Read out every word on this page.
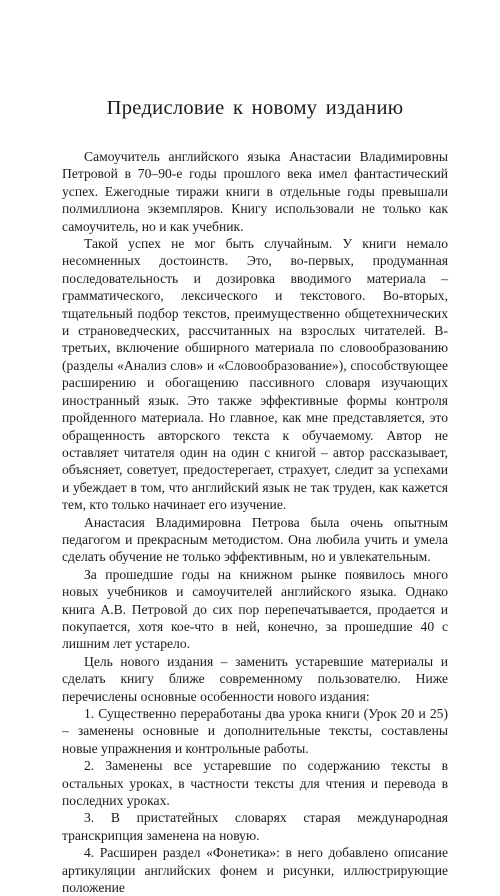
Предисловие к новому изданию

Самоучитель английского языка Анастасии Владимировны Петровой в 70–90-е годы прошлого века имел фантастический успех. Ежегодные тиражи книги в отдельные годы превышали полмиллиона экземпляров. Книгу использовали не только как самоучитель, но и как учебник.

Такой успех не мог быть случайным. У книги немало несомненных достоинств. Это, во-первых, продуманная последовательность и дозировка вводимого материала – грамматического, лексического и текстового. Во-вторых, тщательный подбор текстов, преимущественно общетехнических и страноведческих, рассчитанных на взрослых читателей. В-третьих, включение обширного материала по словообразованию (разделы «Анализ слов» и «Словообразование»), способствующее расширению и обогащению пассивного словаря изучающих иностранный язык. Это также эффективные формы контроля пройденного материала. Но главное, как мне представляется, это обращенность авторского текста к обучаемому. Автор не оставляет читателя один на один с книгой – автор рассказывает, объясняет, советует, предостерегает, страхует, следит за успехами и убеждает в том, что английский язык не так труден, как кажется тем, кто только начинает его изучение.

Анастасия Владимировна Петрова была очень опытным педагогом и прекрасным методистом. Она любила учить и умела сделать обучение не только эффективным, но и увлекательным.

За прошедшие годы на книжном рынке появилось много новых учебников и самоучителей английского языка. Однако книга А.В. Петровой до сих пор перепечатывается, продается и покупается, хотя кое-что в ней, конечно, за прошедшие 40 с лишним лет устарело.

Цель нового издания – заменить устаревшие материалы и сделать книгу ближе современному пользователю. Ниже перечислены основные особенности нового издания:

1. Существенно переработаны два урока книги (Урок 20 и 25) – заменены основные и дополнительные тексты, составлены новые упражнения и контрольные работы.

2. Заменены все устаревшие по содержанию тексты в остальных уроках, в частности тексты для чтения и перевода в последних уроках.

3. В пристатейных словарях старая международная транскрипция заменена на новую.

4. Расширен раздел «Фонетика»: в него добавлено описание артикуляции английских фонем и рисунки, иллюстрирующие положение
